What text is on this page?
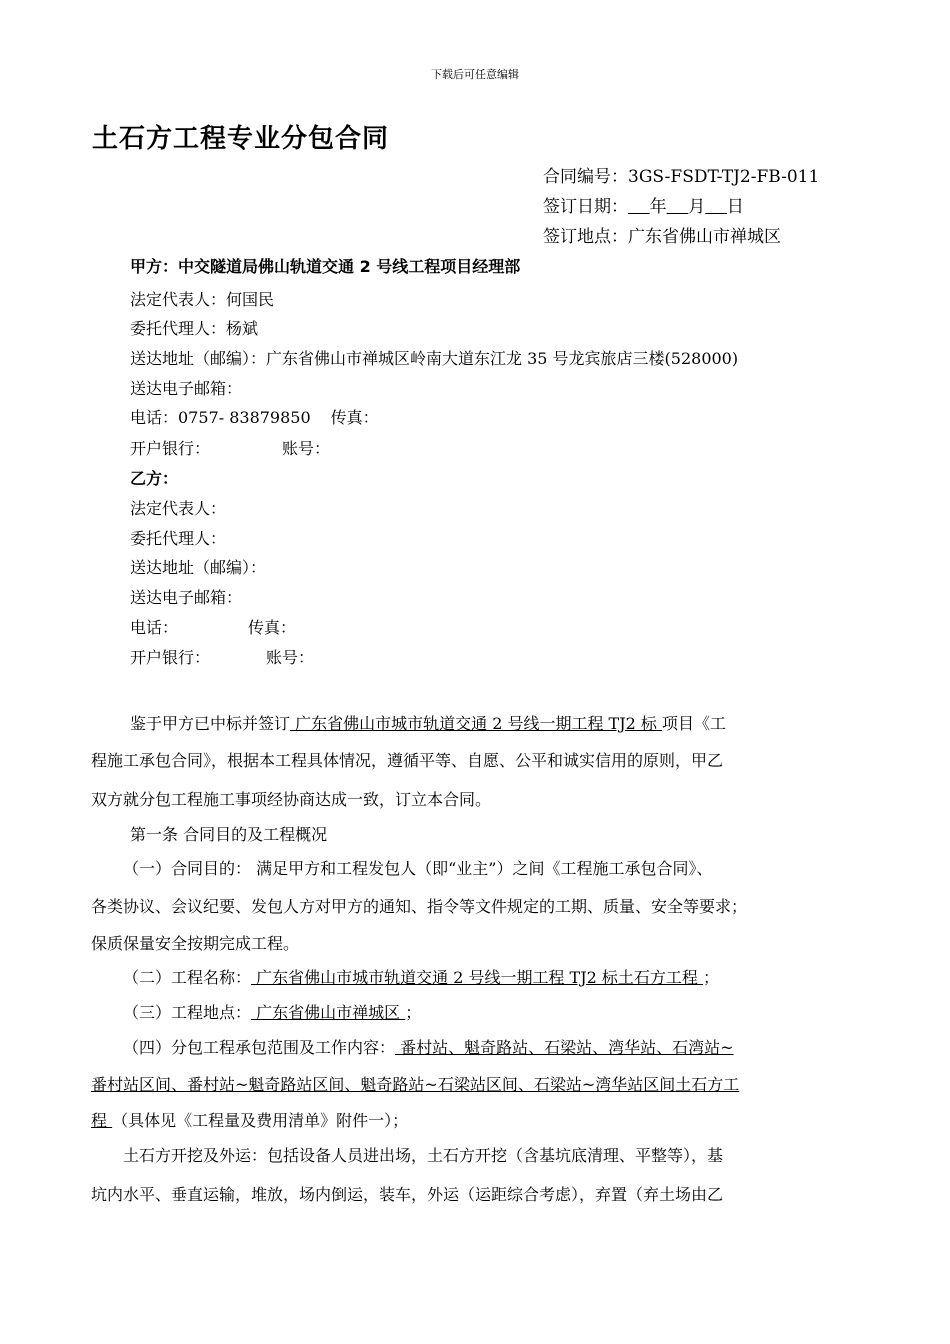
下载后可任意编辑
土石方工程专业分包合同
合同编号：3GS-FSDT-TJ2-FB-011
签订日期： 年 月 日
签订地点：广东省佛山市禅城区
甲方：中交隧道局佛山轨道交通 2 号线工程项目经理部
法定代表人：何国民
委托代理人：杨斌
送达地址（邮编）：广东省佛山市禅城区岭南大道东江龙 35 号龙宾旅店三楼(528000)
送达电子邮箱：
电话：0757- 83879850 传真：
开户银行：	账号：
乙方：
法定代表人：
委托代理人：
送达地址（邮编）：
送达电子邮箱：
电话：	传真：
开户银行：	账号：
鉴于甲方已中标并签订 广东省佛山市城市轨道交通 2 号线一期工程 TJ2 标 项目《工
程施工承包合同》，根据本工程具体情况，遵循平等、自愿、公平和诚实信用的原则，甲乙
双方就分包工程施工事项经协商达成一致，订立本合同。
第一条 合同目的及工程概况
（一）合同目的： 满足甲方和工程发包人（即“业主”）之间《工程施工承包合同》、
各类协议、会议纪要、发包人方对甲方的通知、指令等文件规定的工期、质量、安全等要求；
保质保量安全按期完成工程。
（二）工程名称： 广东省佛山市城市轨道交通 2 号线一期工程 TJ2 标土石方工程 ；
（三）工程地点： 广东省佛山市禅城区 ；
（四）分包工程承包范围及工作内容： 番村站、魁奇路站、石梁站、湾华站、石湾站~
番村站区间、番村站~魁奇路站区间、魁奇路站~石梁站区间、石梁站~湾华站区间土石方工
程 （具体见《工程量及费用清单》附件一）；
土石方开挖及外运：包括设备人员进出场，土石方开挖（含基坑底清理、平整等），基
坑内水平、垂直运输，堆放，场内倒运，装车，外运（运距综合考虑），弃置（弃土场由乙
